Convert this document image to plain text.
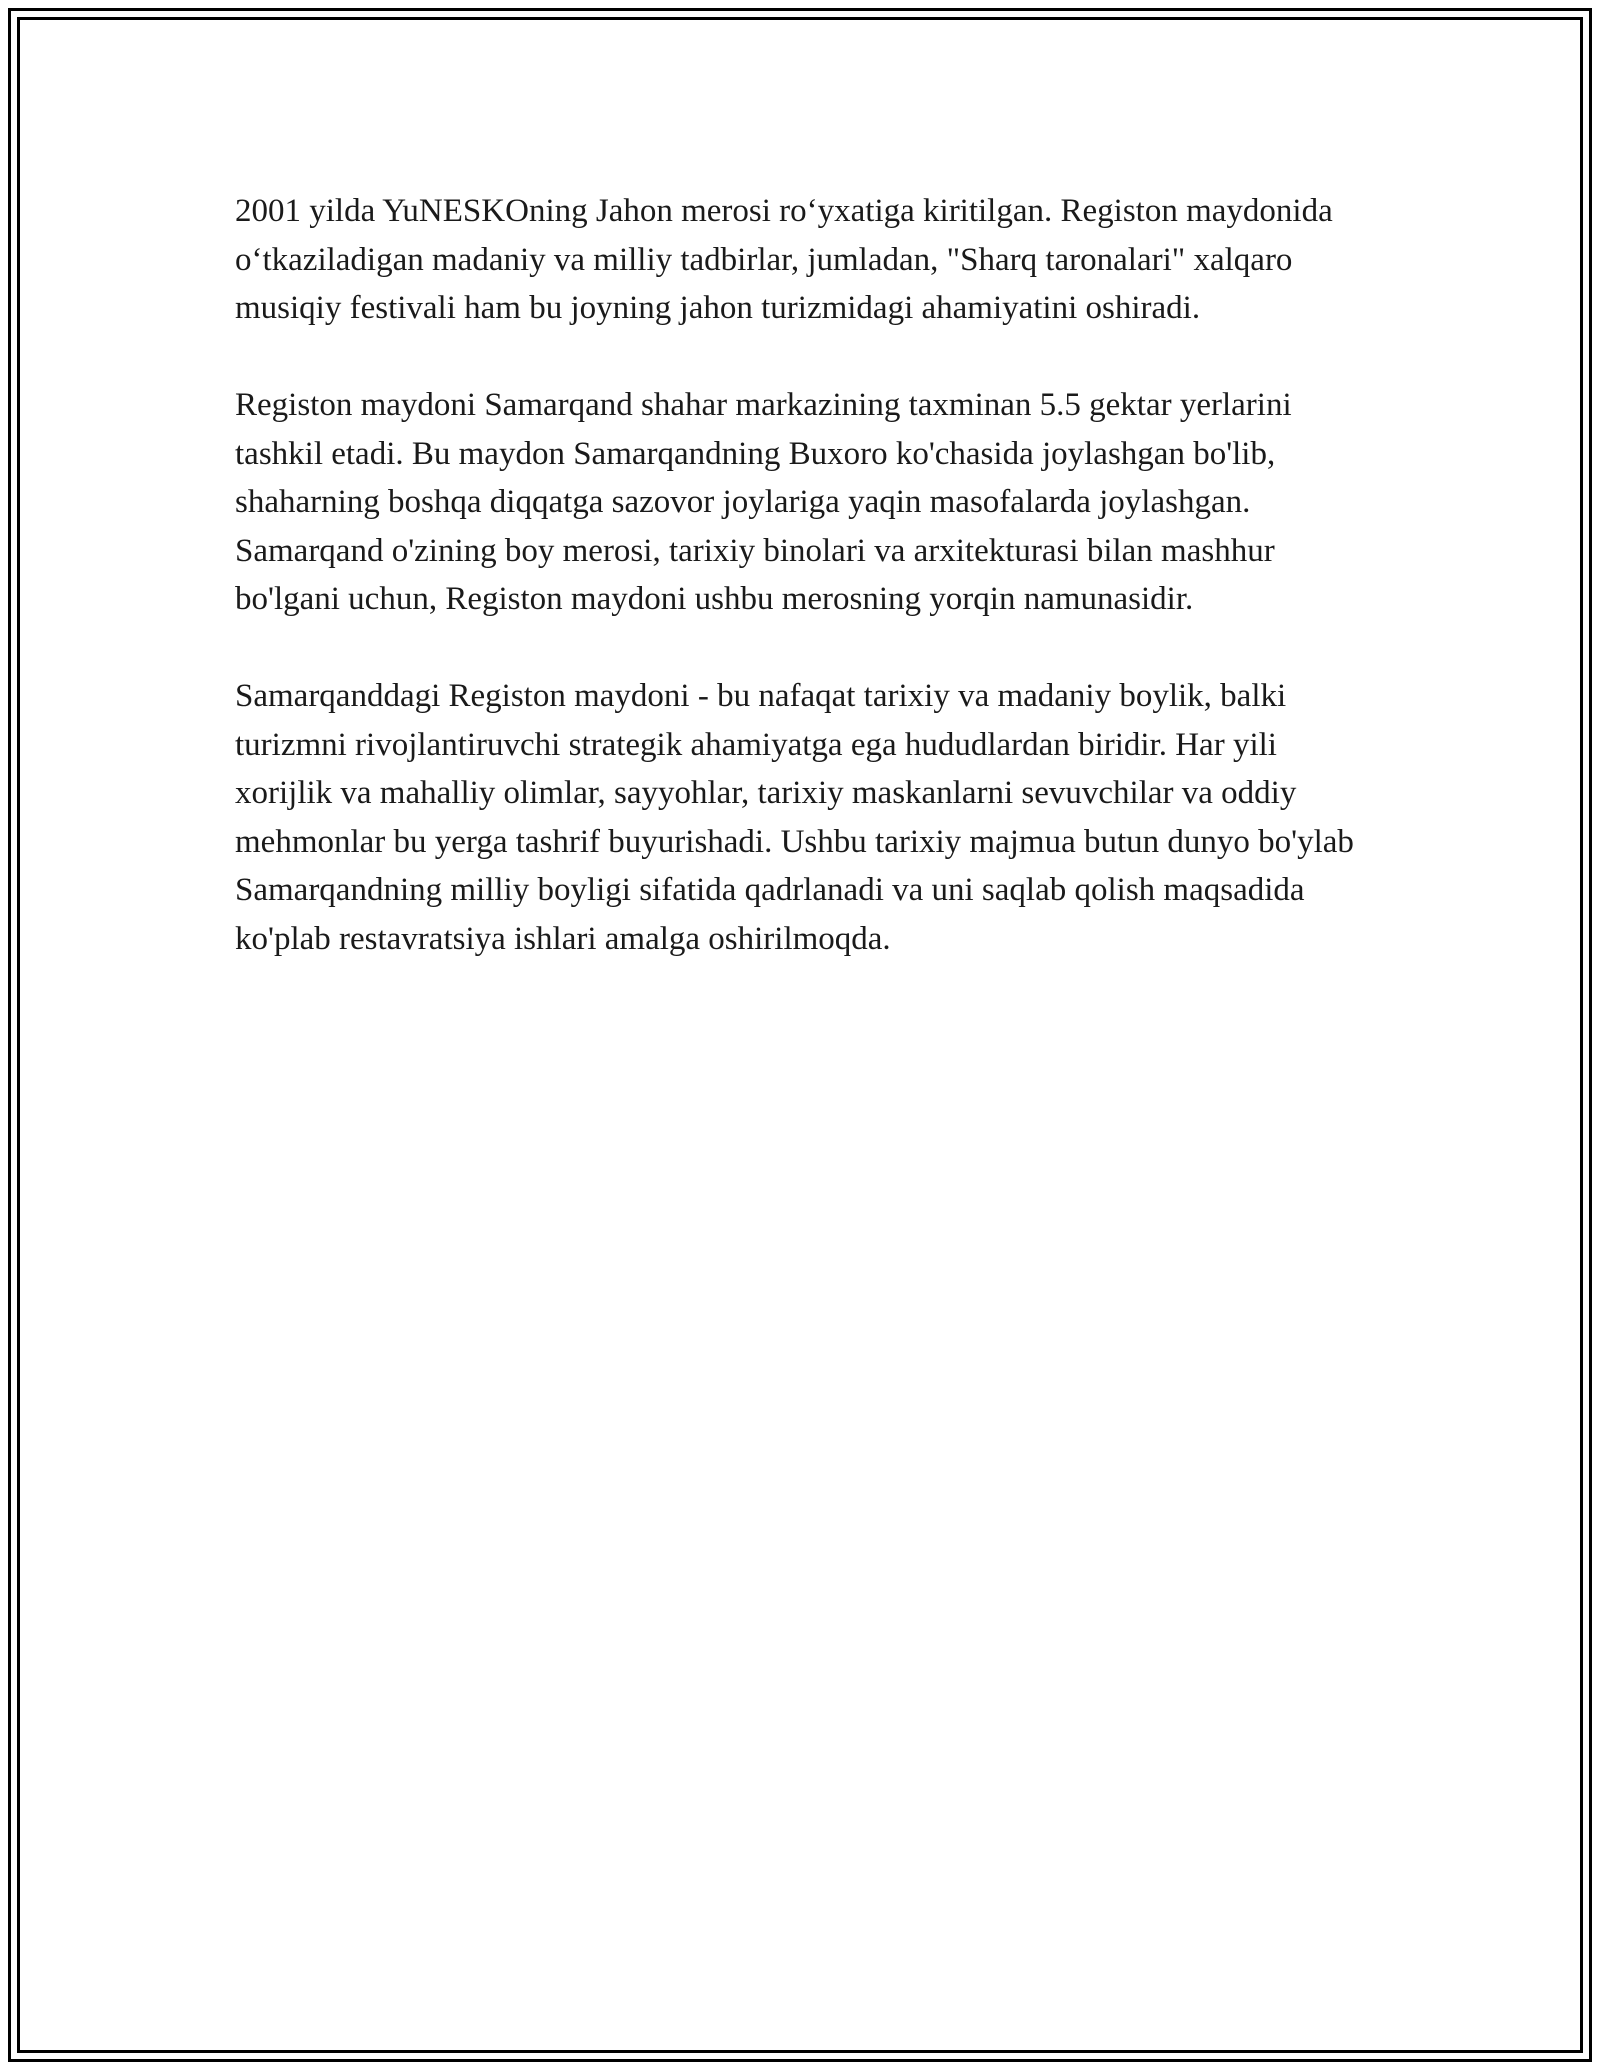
2001 yilda YuNESKOning Jahon merosi ro‘yxatiga kiritilgan. Registon maydonida o‘tkaziladigan madaniy va milliy tadbirlar, jumladan, "Sharq taronalari" xalqaro musiqiy festivali ham bu joyning jahon turizmidagi ahamiyatini oshiradi.

Registon maydoni Samarqand shahar markazining taxminan 5.5 gektar yerlarini tashkil etadi. Bu maydon Samarqandning Buxoro ko'chasida joylashgan bo'lib, shaharning boshqa diqqatga sazovor joylariga yaqin masofalarda joylashgan. Samarqand o'zining boy merosi, tarixiy binolari va arxitekturasi bilan mashhur bo'lgani uchun, Registon maydoni ushbu merosning yorqin namunasidir.

Samarqanddagi Registon maydoni - bu nafaqat tarixiy va madaniy boylik, balki turizmni rivojlantiruvchi strategik ahamiyatga ega hududlardan biridir. Har yili xorijlik va mahalliy olimlar, sayyohlar, tarixiy maskanlarni sevuvchilar va oddiy mehmonlar bu yerga tashrif buyurishadi. Ushbu tarixiy majmua butun dunyo bo'ylab Samarqandning milliy boyligi sifatida qadrlanadi va uni saqlab qolish maqsadida ko'plab restavratsiya ishlari amalga oshirilmoqda.
